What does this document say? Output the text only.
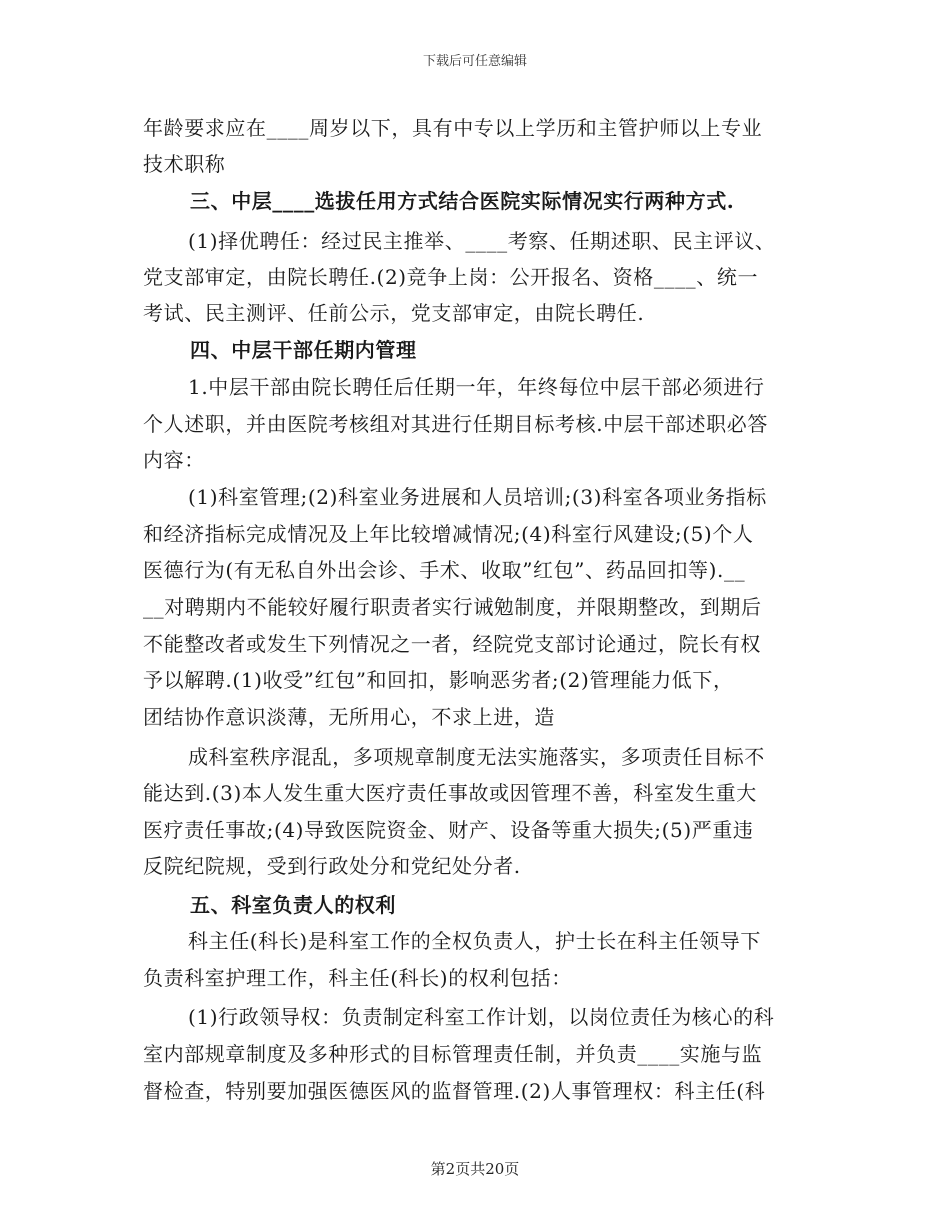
下载后可任意编辑
年龄要求应在____周岁以下，具有中专以上学历和主管护师以上专业
技术职称
三、中层____选拔任用方式结合医院实际情况实行两种方式.
(1)择优聘任：经过民主推举、____考察、任期述职、民主评议、
党支部审定，由院长聘任.(2)竞争上岗：公开报名、资格____、统一
考试、民主测评、任前公示，党支部审定，由院长聘任.
四、中层干部任期内管理
1.中层干部由院长聘任后任期一年，年终每位中层干部必须进行
个人述职，并由医院考核组对其进行任期目标考核.中层干部述职必答
内容：
(1)科室管理;(2)科室业务进展和人员培训;(3)科室各项业务指标
和经济指标完成情况及上年比较增减情况;(4)科室行风建设;(5)个人
医德行为(有无私自外出会诊、手术、收取”红包”、药品回扣等).__
__对聘期内不能较好履行职责者实行诫勉制度，并限期整改，到期后
不能整改者或发生下列情况之一者，经院党支部讨论通过，院长有权
予以解聘.(1)收受”红包”和回扣，影响恶劣者;(2)管理能力低下，
团结协作意识淡薄，无所用心，不求上进，造
成科室秩序混乱，多项规章制度无法实施落实，多项责任目标不
能达到.(3)本人发生重大医疗责任事故或因管理不善，科室发生重大
医疗责任事故;(4)导致医院资金、财产、设备等重大损失;(5)严重违
反院纪院规，受到行政处分和党纪处分者.
五、科室负责人的权利
科主任(科长)是科室工作的全权负责人，护士长在科主任领导下
负责科室护理工作，科主任(科长)的权利包括：
(1)行政领导权：负责制定科室工作计划，以岗位责任为核心的科
室内部规章制度及多种形式的目标管理责任制，并负责____实施与监
督检查，特别要加强医德医风的监督管理.(2)人事管理权：科主任(科
第2页共20页
